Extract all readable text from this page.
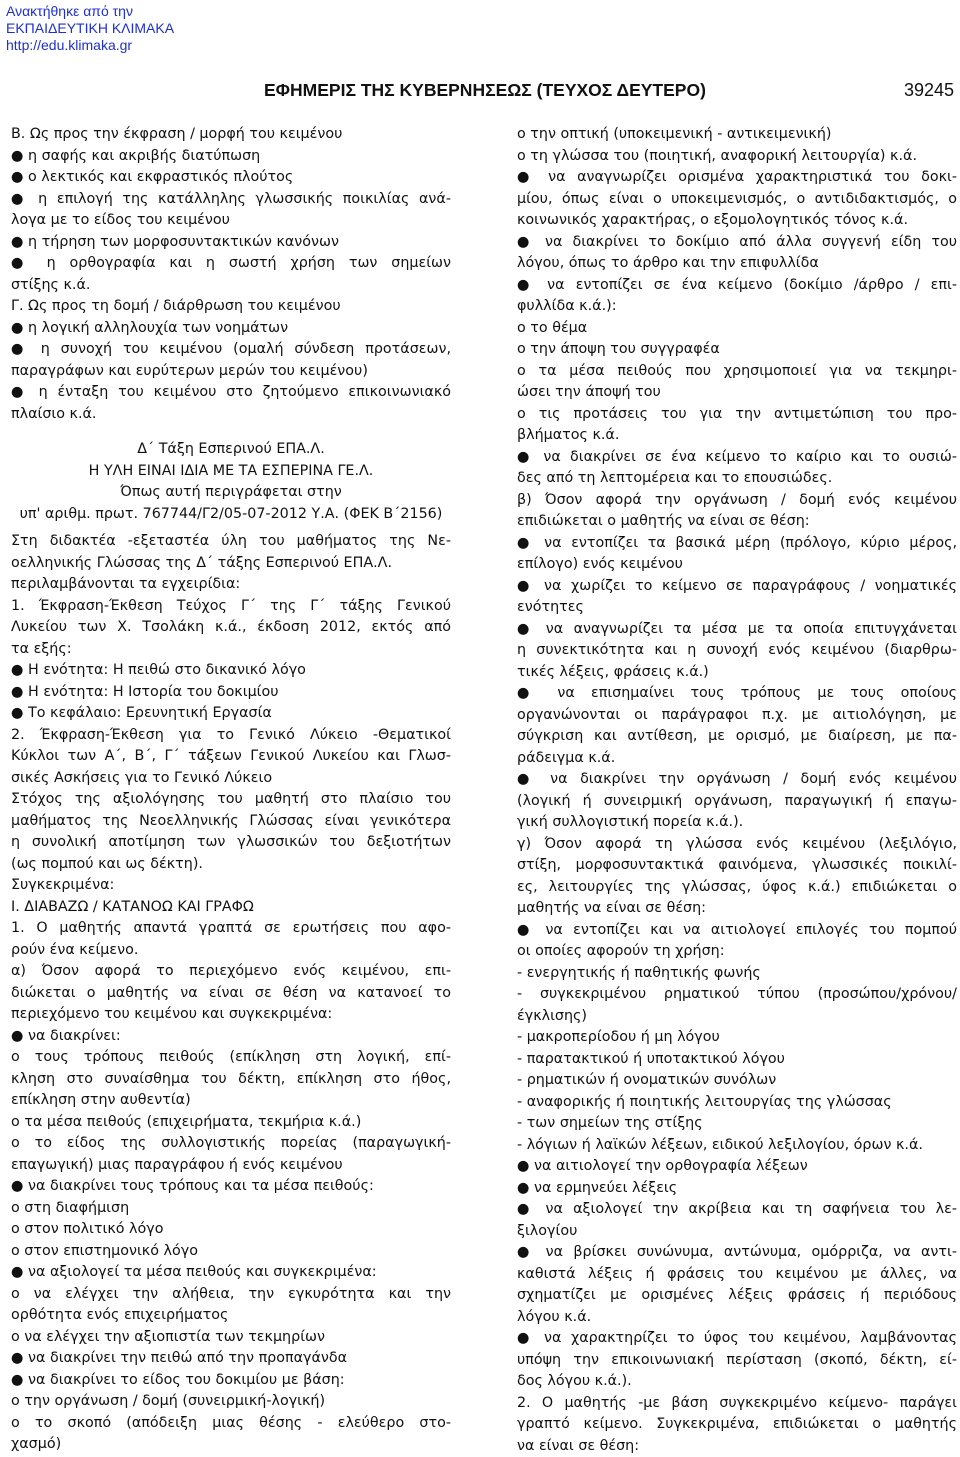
Ανακτήθηκε από την
ΕΚΠΑΙΔΕΥΤΙΚΗ ΚΛΙΜΑΚΑ
http://edu.klimaka.gr
ΕΦΗΜΕΡΙΣ ΤΗΣ ΚΥΒΕΡΝΗΣΕΩΣ (ΤΕΥΧΟΣ ΔΕΥΤΕΡΟ)	39245
Β. Ως προς την έκφραση / μορφή του κειμένου
● η σαφής και ακριβής διατύπωση
● ο λεκτικός και εκφραστικός πλούτος
● η επιλογή της κατάλληλης γλωσσικής ποικιλίας ανά-
λογα με το είδος του κειμένου
● η τήρηση των μορφοσυντακτικών κανόνων
● η ορθογραφία και η σωστή χρήση των σημείων
στίξης κ.ά.
Γ. Ως προς τη δομή / διάρθρωση του κειμένου
● η λογική αλληλουχία των νοημάτων
● η συνοχή του κειμένου (ομαλή σύνδεση προτάσεων,
παραγράφων και ευρύτερων μερών του κειμένου)
● η ένταξη του κειμένου στο ζητούμενο επικοινωνιακό
πλαίσιο κ.ά.
Δ΄ Τάξη Εσπερινού ΕΠΑ.Λ.
Η ΥΛΗ ΕΙΝΑΙ ΙΔΙΑ ΜΕ ΤΑ ΕΣΠΕΡΙΝΑ ΓΕ.Λ.
Όπως αυτή περιγράφεται στην
υπ' αριθμ. πρωτ. 767744/Γ2/05-07-2012 Υ.Α. (ΦΕΚ Β΄2156)
Στη διδακτέα -εξεταστέα ύλη του μαθήματος της Νε-
οελληνικής Γλώσσας της Δ΄ τάξης Εσπερινού ΕΠΑ.Λ.
περιλαμβάνονται τα εγχειρίδια:
1. Έκφραση-Έκθεση Τεύχος Γ΄ της Γ΄ τάξης Γενικού
Λυκείου των Χ. Τσολάκη κ.ά., έκδοση 2012, εκτός από
τα εξής:
● Η ενότητα: Η πειθώ στο δικανικό λόγο
● Η ενότητα: Η Ιστορία του δοκιμίου
● Το κεφάλαιο: Ερευνητική Εργασία
2. Έκφραση-Έκθεση για το Γενικό Λύκειο -Θεματικοί
Κύκλοι των Α΄, Β΄, Γ΄ τάξεων Γενικού Λυκείου και Γλωσ-
σικές Ασκήσεις για το Γενικό Λύκειο
Στόχος της αξιολόγησης του μαθητή στο πλαίσιο του
μαθήματος της Νεοελληνικής Γλώσσας είναι γενικότερα
η συνολική αποτίμηση των γλωσσικών του δεξιοτήτων
(ως πομπού και ως δέκτη).
Συγκεκριμένα:
Ι. ΔΙΑΒΑΖΩ / ΚΑΤΑΝΟΩ ΚΑΙ ΓΡΑΦΩ
1. Ο μαθητής απαντά γραπτά σε ερωτήσεις που αφο-
ρούν ένα κείμενο.
α) Όσον αφορά το περιεχόμενο ενός κειμένου, επι-
διώκεται ο μαθητής να είναι σε θέση να κατανοεί το
περιεχόμενο του κειμένου και συγκεκριμένα:
● να διακρίνει:
ο τους τρόπους πειθούς (επίκληση στη λογική, επί-
κληση στο συναίσθημα του δέκτη, επίκληση στο ήθος,
επίκληση στην αυθεντία)
ο τα μέσα πειθούς (επιχειρήματα, τεκμήρια κ.ά.)
ο το είδος της συλλογιστικής πορείας (παραγωγική-
επαγωγική) μιας παραγράφου ή ενός κειμένου
● να διακρίνει τους τρόπους και τα μέσα πειθούς:
ο στη διαφήμιση
ο στον πολιτικό λόγο
ο στον επιστημονικό λόγο
● να αξιολογεί τα μέσα πειθούς και συγκεκριμένα:
ο να ελέγχει την αλήθεια, την εγκυρότητα και την
ορθότητα ενός επιχειρήματος
ο να ελέγχει την αξιοπιστία των τεκμηρίων
● να διακρίνει την πειθώ από την προπαγάνδα
● να διακρίνει το είδος του δοκιμίου με βάση:
ο την οργάνωση / δομή (συνειρμική-λογική)
ο το σκοπό (απόδειξη μιας θέσης - ελεύθερο στο-
χασμό)
ο την οπτική (υποκειμενική - αντικειμενική)
ο τη γλώσσα του (ποιητική, αναφορική λειτουργία) κ.ά.
● να αναγνωρίζει ορισμένα χαρακτηριστικά του δοκι-
μίου, όπως είναι ο υποκειμενισμός, ο αντιδιδακτισμός, ο
κοινωνικός χαρακτήρας, ο εξομολογητικός τόνος κ.ά.
● να διακρίνει το δοκίμιο από άλλα συγγενή είδη του
λόγου, όπως το άρθρο και την επιφυλλίδα
● να εντοπίζει σε ένα κείμενο (δοκίμιο /άρθρο / επι-
φυλλίδα κ.ά.):
ο το θέμα
ο την άποψη του συγγραφέα
ο τα μέσα πειθούς που χρησιμοποιεί για να τεκμηρι-
ώσει την άποψή του
ο τις προτάσεις του για την αντιμετώπιση του προ-
βλήματος κ.ά.
● να διακρίνει σε ένα κείμενο το καίριο και το ουσιώ-
δες από τη λεπτομέρεια και το επουσιώδες.
β) Όσον αφορά την οργάνωση / δομή ενός κειμένου
επιδιώκεται ο μαθητής να είναι σε θέση:
● να εντοπίζει τα βασικά μέρη (πρόλογο, κύριο μέρος,
επίλογο) ενός κειμένου
● να χωρίζει το κείμενο σε παραγράφους / νοηματικές
ενότητες
● να αναγνωρίζει τα μέσα με τα οποία επιτυγχάνεται
η συνεκτικότητα και η συνοχή ενός κειμένου (διαρθρω-
τικές λέξεις, φράσεις κ.ά.)
● να επισημαίνει τους τρόπους με τους οποίους
οργανώνονται οι παράγραφοι π.χ. με αιτιολόγηση, με
σύγκριση και αντίθεση, με ορισμό, με διαίρεση, με πα-
ράδειγμα κ.ά.
● να διακρίνει την οργάνωση / δομή ενός κειμένου
(λογική ή συνειρμική οργάνωση, παραγωγική ή επαγω-
γική συλλογιστική πορεία κ.ά.).
γ) Όσον αφορά τη γλώσσα ενός κειμένου (λεξιλόγιο,
στίξη, μορφοσυντακτικά φαινόμενα, γλωσσικές ποικιλί-
ες, λειτουργίες της γλώσσας, ύφος κ.ά.) επιδιώκεται ο
μαθητής να είναι σε θέση:
● να εντοπίζει και να αιτιολογεί επιλογές του πομπού
οι οποίες αφορούν τη χρήση:
- ενεργητικής ή παθητικής φωνής
- συγκεκριμένου ρηματικού τύπου (προσώπου/χρόνου/
έγκλισης)
- μακροπερίοδου ή μη λόγου
- παρατακτικού ή υποτακτικού λόγου
- ρηματικών ή ονοματικών συνόλων
- αναφορικής ή ποιητικής λειτουργίας της γλώσσας
- των σημείων της στίξης
- λόγιων ή λαϊκών λέξεων, ειδικού λεξιλογίου, όρων κ.ά.
● να αιτιολογεί την ορθογραφία λέξεων
● να ερμηνεύει λέξεις
● να αξιολογεί την ακρίβεια και τη σαφήνεια του λε-
ξιλογίου
● να βρίσκει συνώνυμα, αντώνυμα, ομόρριζα, να αντι-
καθιστά λέξεις ή φράσεις του κειμένου με άλλες, να
σχηματίζει με ορισμένες λέξεις φράσεις ή περιόδους
λόγου κ.ά.
● να χαρακτηρίζει το ύφος του κειμένου, λαμβάνοντας
υπόψη την επικοινωνιακή περίσταση (σκοπό, δέκτη, εί-
δος λόγου κ.ά.).
2. Ο μαθητής -με βάση συγκεκριμένο κείμενο- παράγει
γραπτό κείμενο. Συγκεκριμένα, επιδιώκεται ο μαθητής
να είναι σε θέση:
